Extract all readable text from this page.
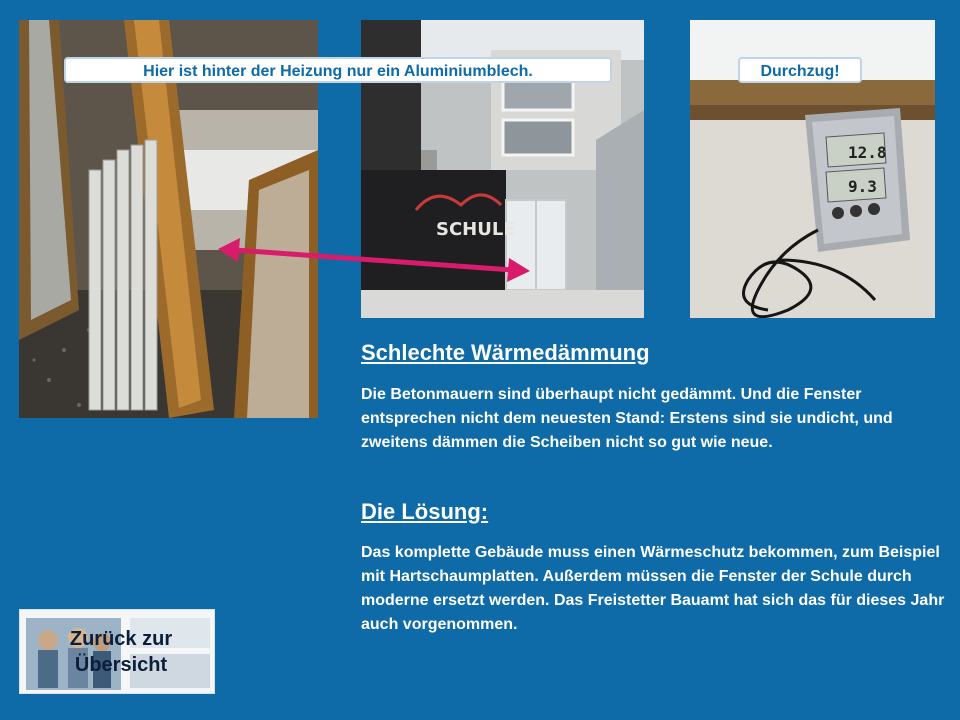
SCHULE
12.8
9.3
Hier ist hinter der Heizung nur ein Aluminiumblech.	Durchzug!
Schlechte Wärmedämmung

Die Betonmauern sind überhaupt nicht gedämmt. Und die Fenster entsprechen nicht dem neuesten Stand: Erstens sind sie undicht, und zweitens dämmen die Scheiben nicht so gut wie neue.

Die Lösung:

Das komplette Gebäude muss einen Wärmeschutz bekommen, zum Beispiel mit Hartschaumplatten. Außerdem müssen die Fenster der Schule durch moderne ersetzt werden. Das Freistetter Bauamt hat sich das für dieses Jahr auch vorgenommen.

Zurück zur
Übersicht
